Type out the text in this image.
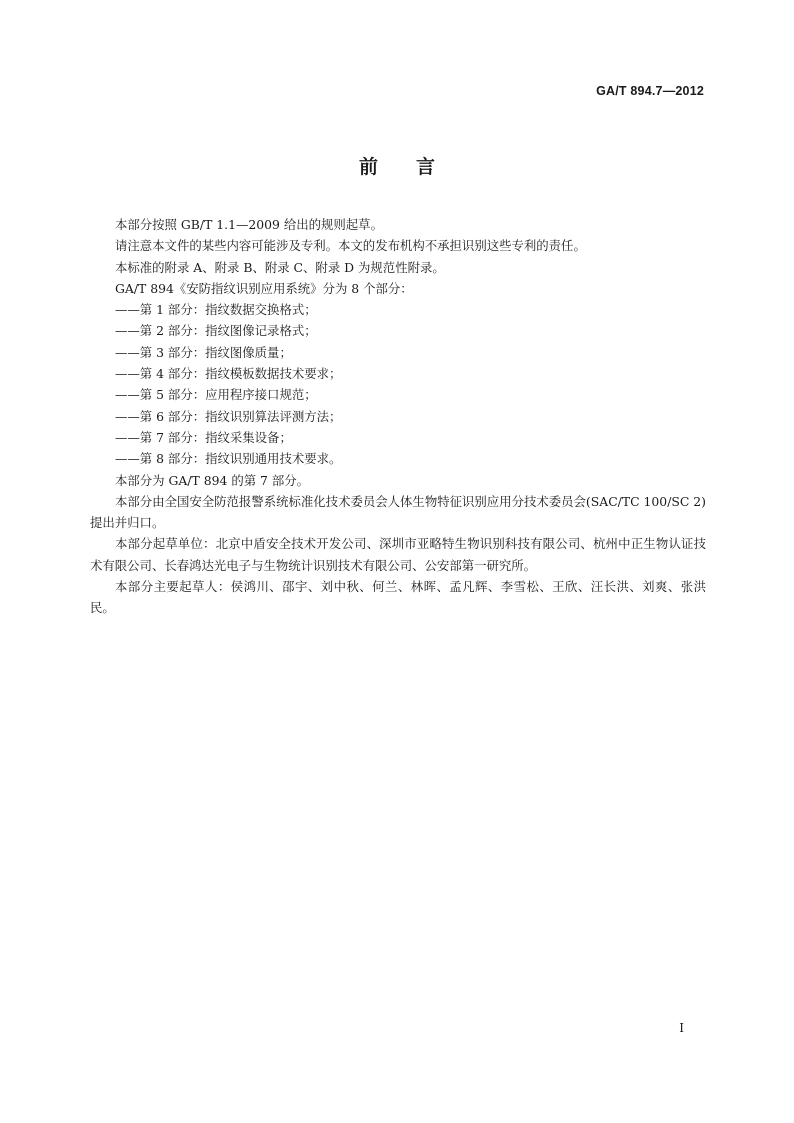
GA/T 894.7—2012
前 言

本部分按照 GB/T 1.1—2009 给出的规则起草。

请注意本文件的某些内容可能涉及专利。本文的发布机构不承担识别这些专利的责任。

本标准的附录 A、附录 B、附录 C、附录 D 为规范性附录。

GA/T 894《安防指纹识别应用系统》分为 8 个部分：

——第 1 部分：指纹数据交换格式；

——第 2 部分：指纹图像记录格式；

——第 3 部分：指纹图像质量；

——第 4 部分：指纹模板数据技术要求；

——第 5 部分：应用程序接口规范；

——第 6 部分：指纹识别算法评测方法；

——第 7 部分：指纹采集设备；

——第 8 部分：指纹识别通用技术要求。

本部分为 GA/T 894 的第 7 部分。

本部分由全国安全防范报警系统标准化技术委员会人体生物特征识别应用分技术委员会(SAC/TC 100/SC 2)提出并归口。

本部分起草单位：北京中盾安全技术开发公司、深圳市亚略特生物识别科技有限公司、杭州中正生物认证技术有限公司、长春鸿达光电子与生物统计识别技术有限公司、公安部第一研究所。

本部分主要起草人：侯鸿川、邵宇、刘中秋、何兰、林晖、孟凡辉、李雪松、王欣、汪长洪、刘爽、张洪民。

I
